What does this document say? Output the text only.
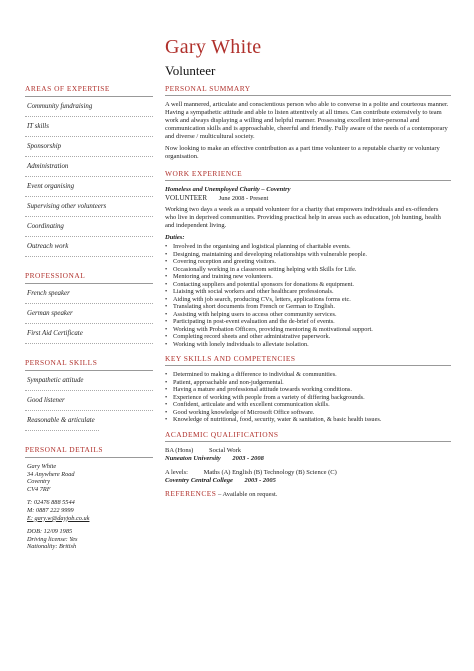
Gary White
Volunteer
AREAS OF EXPERTISE
Community fundraising
IT skills
Sponsorship
Administration
Event organising
Supervising other volunteers
Coordinating
Outreach work
PROFESSIONAL
French speaker
German speaker
First Aid Certificate
PERSONAL SKILLS
Sympathetic attitude
Good listener
Reasonable & articulate
PERSONAL DETAILS
Gary White
34 Anywhere Road
Coventry
CV4 7RF
T: 02476 888 5544
M: 0887 222 9999
E: gary.w@dayjob.co.uk
DOB: 12/09 1985
Driving license: Yes
Nationality: British
PERSONAL SUMMARY

A well mannered, articulate and conscientious person who able to converse in a polite and courteous manner. Having a sympathetic attitude and able to listen attentively at all times. Can contribute extensively to team work and always displaying a willing and helpful manner. Possessing excellent inter-personal and communication skills and is approachable, cheerful and friendly. Fully aware of the needs of a contemporary and diverse / multicultural society.

Now looking to make an effective contribution as a part time volunteer to a reputable charity or voluntary organisation.

WORK EXPERIENCE
Homeless and Unemployed Charity – Coventry
VOLUNTEER June 2008 - Present

Working two days a week as a unpaid volunteer for a charity that empowers individuals and ex-offenders who live in deprived communities. Providing practical help in areas such as education, job hunting, health and independent living.

Duties:
• Involved in the organising and logistical planning of charitable events.
• Designing, maintaining and developing relationships with vulnerable people.
• Covering reception and greeting visitors.
• Occasionally working in a classroom setting helping with Skills for Life.
• Mentoring and training new volunteers.
• Contacting suppliers and potential sponsors for donations & equipment.
• Liaising with social workers and other healthcare professionals.
• Aiding with job search, producing CVs, letters, applications forms etc.
• Translating short documents from French or German to English.
• Assisting with helping users to access other community services.
• Participating in post-event evaluation and the de-brief of events.
• Working with Probation Officers, providing mentoring & motivational support.
• Completing record sheets and other administrative paperwork.
• Working with lonely individuals to alleviate isolation.
KEY SKILLS AND COMPETENCIES
• Determined to making a difference to individual & communities.
• Patient, approachable and non-judgemental.
• Having a mature and professional attitude towards working conditions.
• Experience of working with people from a variety of differing backgrounds.
• Confident, articulate and with excellent communication skills.
• Good working knowledge of Microsoft Office software.
• Knowledge of nutritional, food, security, water & sanitation, & basic health issues.
ACADEMIC QUALIFICATIONS
BA (Hons) Social Work
Nuneaton University 2003 - 2008
A levels: Maths (A) English (B) Technology (B) Science (C)
Coventry Central College 2003 - 2005
REFERENCES – Available on request.
